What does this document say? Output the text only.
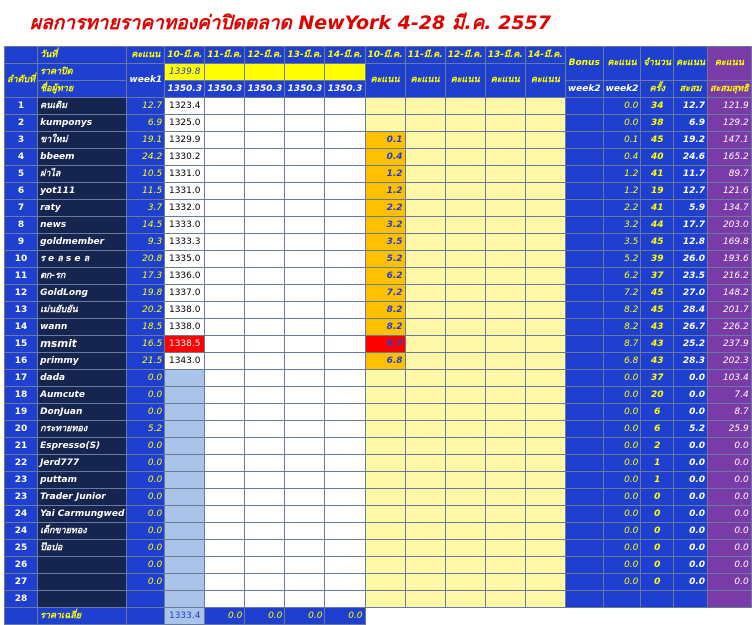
ผลการทายราคาทองค่าปิดตลาด NewYork 4-28 มี.ค. 2557
	วันที่	คะแนน	10-มี.ค.	11-มี.ค.	12-มี.ค.	13-มี.ค.	14-มี.ค.	10-มี.ค.	11-มี.ค.	12-มี.ค.	13-มี.ค.	14-มี.ค.	Bonus	คะแนน	จำนวน	คะแนน	คะแนน
ลำดับที่	ราคาปิด	week1	1339.8					คะแนน	คะแนน	คะแนน	คะแนน	คะแนน					
	ชื่อผู้ทาย		1350.3	1350.3	1350.3	1350.3	1350.3						week2	week2	ครั้ง	สะสม	สะสมสุทธิ
1	คนเดิม	12.7	1323.4											0.0	34	12.7	121.9
2	kumponys	6.9	1325.0											0.0	38	6.9	129.2
3	ขาใหม่	19.1	1329.9					0.1						0.1	45	19.2	147.1
4	bbeem	24.2	1330.2					0.4						0.4	40	24.6	165.2
5	ผ่าไล	10.5	1331.0					1.2						1.2	41	11.7	89.7
6	yot111	11.5	1331.0					1.2						1.2	19	12.7	121.6
7	raty	3.7	1332.0					2.2						2.2	41	5.9	134.7
8	news	14.5	1333.0					3.2						3.2	44	17.7	203.0
9	goldmember	9.3	1333.3					3.5						3.5	45	12.8	169.8
10	ร e ล s e ล	20.8	1335.0					5.2						5.2	39	26.0	193.6
11	ตก-รก	17.3	1336.0					6.2						6.2	37	23.5	216.2
12	GoldLong	19.8	1337.0					7.2						7.2	45	27.0	148.2
13	เม่นยับยัน	20.2	1338.0					8.2						8.2	45	28.4	201.7
14	wann	18.5	1338.0					8.2						8.2	43	26.7	226.2
15	msmit	16.5	1338.5					8.7						8.7	43	25.2	237.9
16	primmy	21.5	1343.0					6.8						6.8	43	28.3	202.3
17	dada	0.0												0.0	37	0.0	103.4
18	Aumcute	0.0												0.0	20	0.0	7.4
19	DonJuan	0.0												0.0	6	0.0	8.7
20	กระทายทอง	5.2												0.0	6	5.2	25.9
21	Espresso(S)	0.0												0.0	2	0.0	0.0
22	Jerd777	0.0												0.0	1	0.0	0.0
23	puttam	0.0												0.0	1	0.0	0.0
23	Trader Junior	0.0												0.0	0	0.0	0.0
24	Yai Carmungwed	0.0												0.0	0	0.0	0.0
24	เด็กขายทอง	0.0												0.0	0	0.0	0.0
25	ป๊อปอ	0.0												0.0	0	0.0	0.0
26		0.0												0.0	0	0.0	0.0
27		0.0												0.0	0	0.0	0.0
28																	
	ราคาเฉลี่ย		1333.4	0.0	0.0	0.0	0.0										
